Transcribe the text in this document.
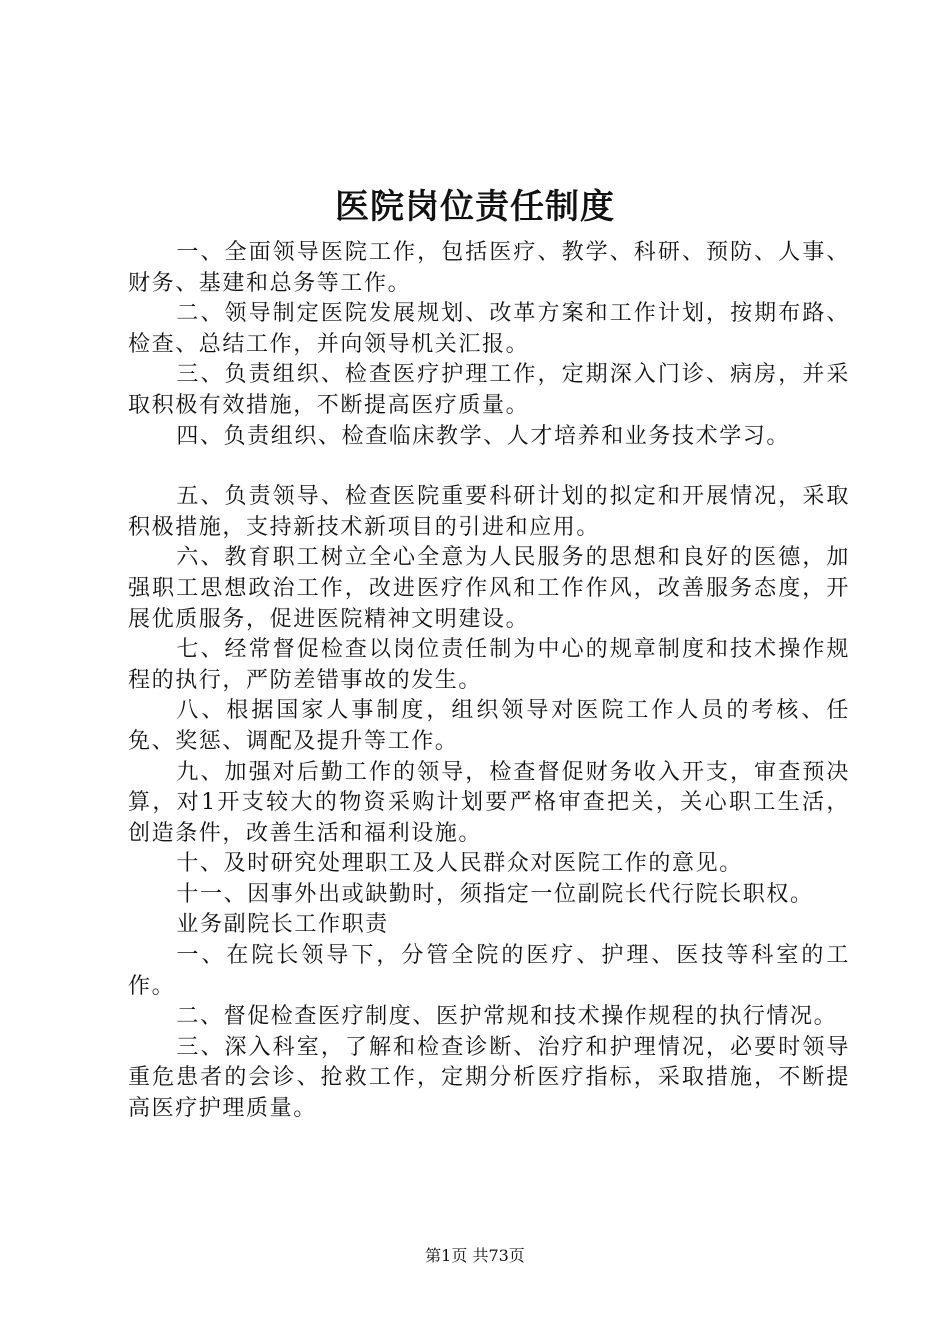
医院岗位责任制度

一、全面领导医院工作，包括医疗、教学、科研、预防、人事、财务、基建和总务等工作。

二、领导制定医院发展规划、改革方案和工作计划，按期布路、检查、总结工作，并向领导机关汇报。

三、负责组织、检查医疗护理工作，定期深入门诊、病房，并采取积极有效措施，不断提高医疗质量。

四、负责组织、检查临床教学、人才培养和业务技术学习。

五、负责领导、检查医院重要科研计划的拟定和开展情况，采取积极措施，支持新技术新项目的引进和应用。

六、教育职工树立全心全意为人民服务的思想和良好的医德，加强职工思想政治工作，改进医疗作风和工作作风，改善服务态度，开展优质服务，促进医院精神文明建设。

七、经常督促检查以岗位责任制为中心的规章制度和技术操作规程的执行，严防差错事故的发生。

八、根据国家人事制度，组织领导对医院工作人员的考核、任免、奖惩、调配及提升等工作。

九、加强对后勤工作的领导，检查督促财务收入开支，审查预决算，对1开支较大的物资采购计划要严格审查把关，关心职工生活，创造条件，改善生活和福利设施。

十、及时研究处理职工及人民群众对医院工作的意见。

十一、因事外出或缺勤时，须指定一位副院长代行院长职权。

业务副院长工作职责

一、在院长领导下，分管全院的医疗、护理、医技等科室的工作。

二、督促检查医疗制度、医护常规和技术操作规程的执行情况。

三、深入科室，了解和检查诊断、治疗和护理情况，必要时领导重危患者的会诊、抢救工作，定期分析医疗指标，采取措施，不断提高医疗护理质量。

第1页 共73页
